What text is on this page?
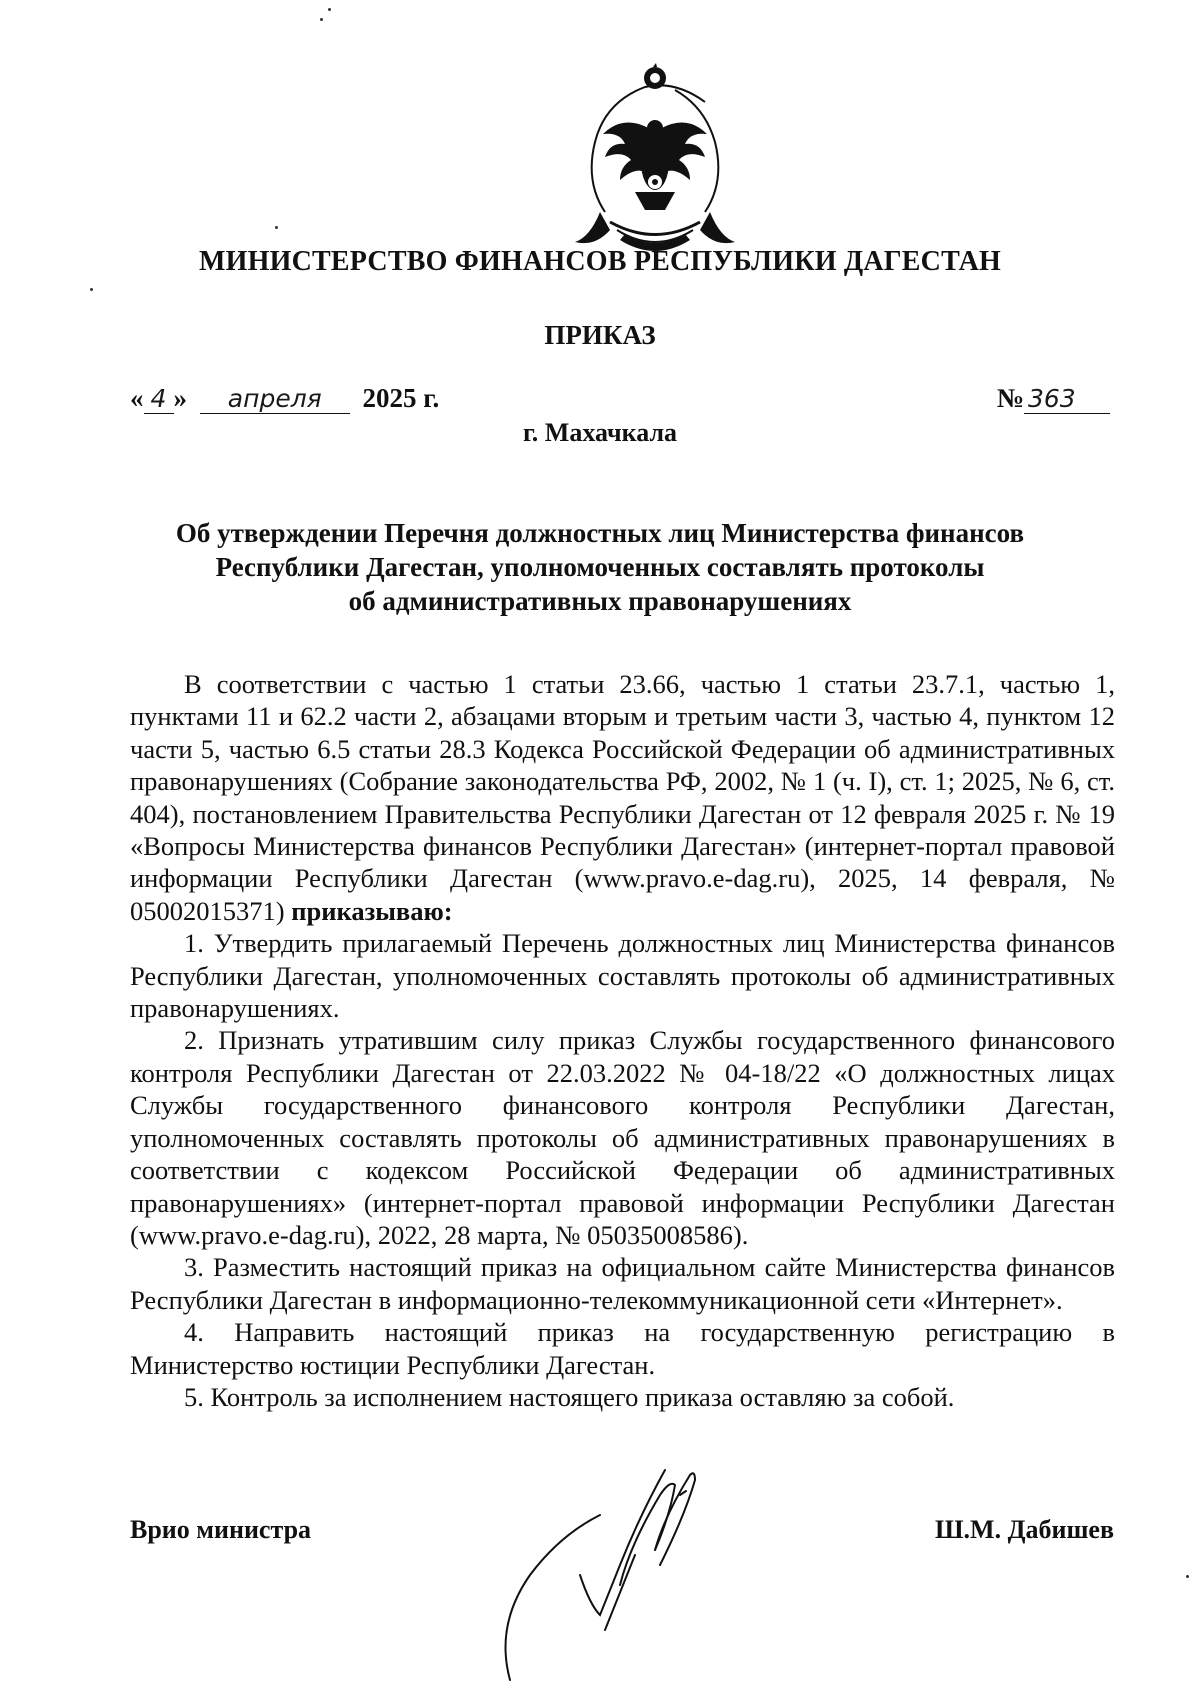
МИНИСТЕРСТВО ФИНАНСОВ РЕСПУБЛИКИ ДАГЕСТАН
ПРИКАЗ
« 4 » апреля 2025 г.	№ 363
г. Махачкала
Об утверждении Перечня должностных лиц Министерства финансов
Республики Дагестан, уполномоченных составлять протоколы
об административных правонарушениях

В соответствии с частью 1 статьи 23.66, частью 1 статьи 23.7.1, частью 1, пунктами 11 и 62.2 части 2, абзацами вторым и третьим части 3, частью 4, пунктом 12 части 5, частью 6.5 статьи 28.3 Кодекса Российской Федерации об административных правонарушениях (Собрание законодательства РФ, 2002, № 1 (ч. I), ст. 1; 2025, № 6, ст. 404), постановлением Правительства Республики Дагестан от 12 февраля 2025 г. № 19 «Вопросы Министерства финансов Республики Дагестан» (интернет-портал правовой информации Республики Дагестан (www.pravo.e-dag.ru), 2025, 14 февраля, № 05002015371) приказываю:

1. Утвердить прилагаемый Перечень должностных лиц Министерства финансов Республики Дагестан, уполномоченных составлять протоколы об административных правонарушениях.

2. Признать утратившим силу приказ Службы государственного финансового контроля Республики Дагестан от 22.03.2022 № 04-18/22 «О должностных лицах Службы государственного финансового контроля Республики Дагестан, уполномоченных составлять протоколы об административных правонарушениях в соответствии с кодексом Российской Федерации об административных правонарушениях» (интернет-портал правовой информации Республики Дагестан (www.pravo.e-dag.ru), 2022, 28 марта, № 05035008586).

3. Разместить настоящий приказ на официальном сайте Министерства финансов Республики Дагестан в информационно-телекоммуникационной сети «Интернет».

4. Направить настоящий приказ на государственную регистрацию в Министерство юстиции Республики Дагестан.

5. Контроль за исполнением настоящего приказа оставляю за собой.

Врио министра	Ш.М. Дабишев
